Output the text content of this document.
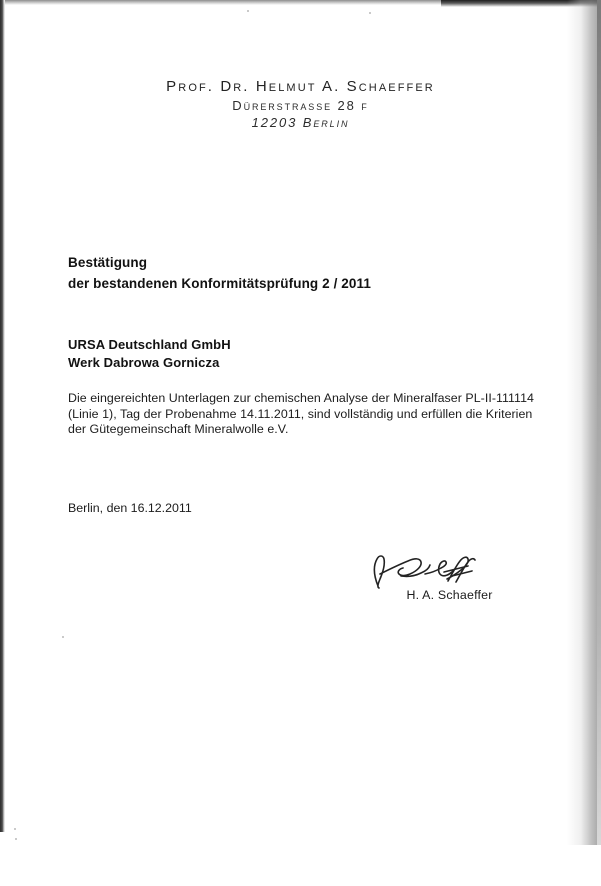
Prof. Dr. Helmut A. Schaeffer
Dürerstrasse 28 f
12203 Berlin
Bestätigung
der bestandenen Konformitätsprüfung 2 / 2011
URSA Deutschland GmbH
Werk Dabrowa Gornicza
Die eingereichten Unterlagen zur chemischen Analyse der Mineralfaser PL-II-111114
(Linie 1), Tag der Probenahme 14.11.2011, sind vollständig und erfüllen die Kriterien
der Gütegemeinschaft Mineralwolle e.V.
Berlin, den 16.12.2011
H. A. Schaeffer
